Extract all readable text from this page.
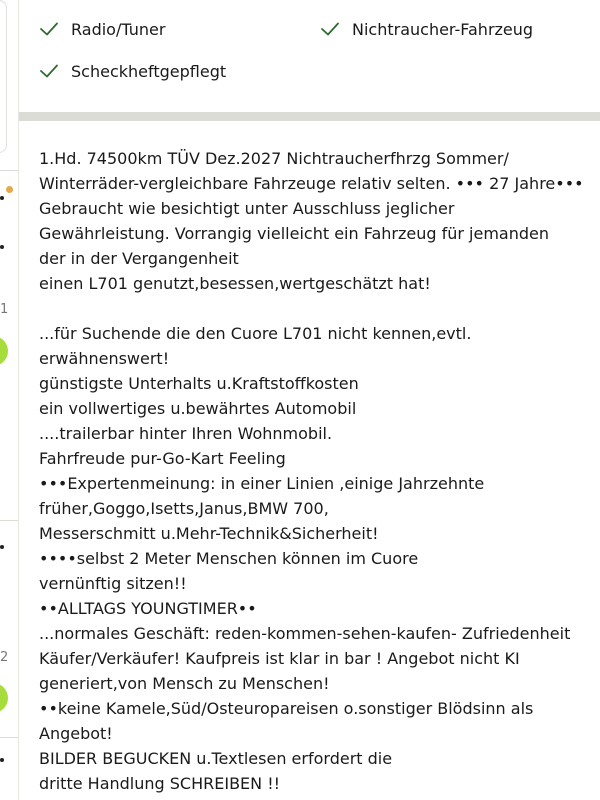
1
2
Radio/Tuner	Nichtraucher-Fahrzeug
Scheckheftgepflegt
1.Hd. 74500km TÜV Dez.2027 Nichtraucherfhrzg Sommer/
Winterräder-vergleichbare Fahrzeuge relativ selten. ••• 27 Jahre•••
Gebraucht wie besichtigt unter Ausschluss jeglicher
Gewährleistung. Vorrangig vielleicht ein Fahrzeug für jemanden
der in der Vergangenheit
einen L701 genutzt,besessen,wertgeschätzt hat!
...für Suchende die den Cuore L701 nicht kennen,evtl.
erwähnenswert!
günstigste Unterhalts u.Kraftstoffkosten
ein vollwertiges u.bewährtes Automobil
....trailerbar hinter Ihren Wohnmobil.
Fahrfreude pur-Go-Kart Feeling
•••Expertenmeinung: in einer Linien ,einige Jahrzehnte
früher,Goggo,Isetts,Janus,BMW 700,
Messerschmitt u.Mehr-Technik&Sicherheit!
••••selbst 2 Meter Menschen können im Cuore
vernünftig sitzen!!
••ALLTAGS YOUNGTIMER••
...normales Geschäft: reden-kommen-sehen-kaufen- Zufriedenheit
Käufer/Verkäufer! Kaufpreis ist klar in bar ! Angebot nicht KI
generiert,von Mensch zu Menschen!
••keine Kamele,Süd/Osteuropareisen o.sonstiger Blödsinn als
Angebot!
BILDER BEGUCKEN u.Textlesen erfordert die
dritte Handlung SCHREIBEN !!
